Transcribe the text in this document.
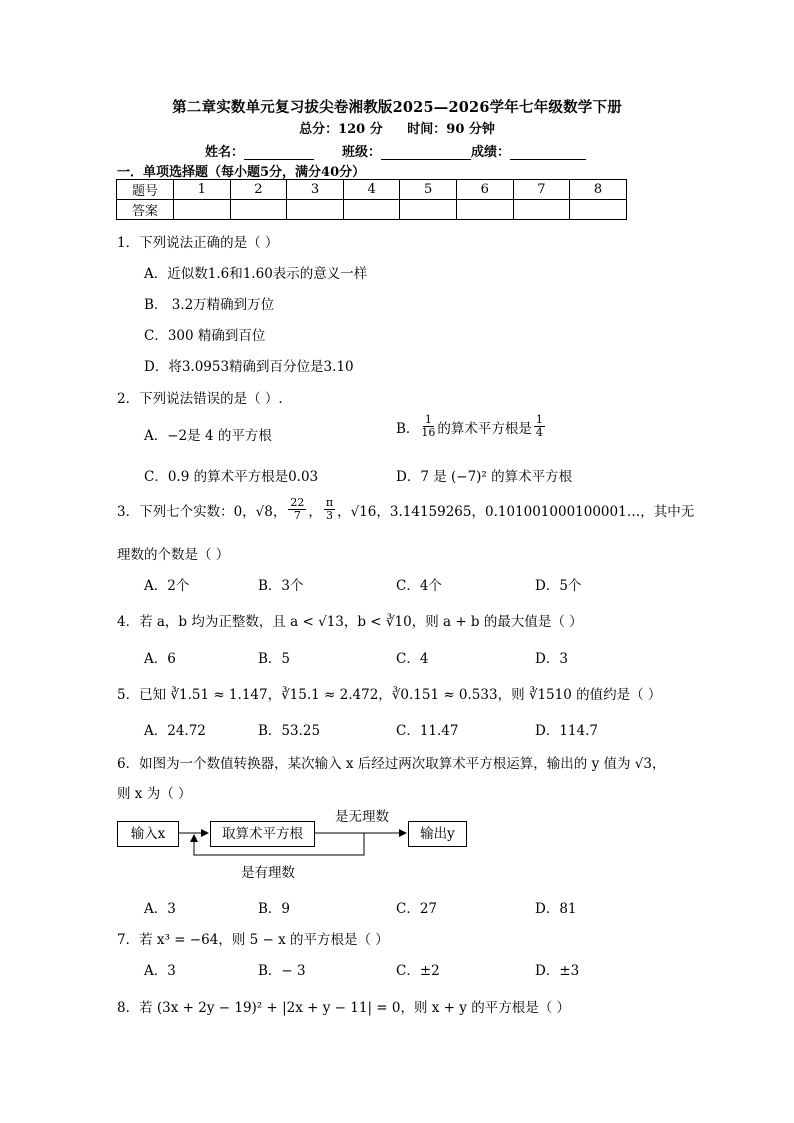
第二章实数单元复习拔尖卷湘教版2025—2026学年七年级数学下册
总分：120 分 时间：90 分钟
姓名：	班级：	成绩：
一．单项选择题（每小题5分，满分40分）
题号	1	2	3	4	5	6	7	8
答案								
1．下列说法正确的是（ ）
A．近似数1.6和1.60表示的意义一样
B． 3.2万精确到万位
C．300 精确到百位
D．将3.0953精确到百分位是3.10
2．下列说法错误的是（ ）.
A．−2是 4 的平方根	B． $\frac{1}{16}$ 的算术平方根是 $\frac{1}{4}$
C．0.9 的算术平方根是0.03	D．7 是 (−7)² 的算术平方根
3．下列七个实数：0，√8， $\frac{22}{7}$ ， $\frac{\pi}{3}$ ，√16，3.14159265，0.101001000100001…，其中无
理数的个数是（ ）
A．2个	B．3个	C．4个	D．5个
4．若 a，b 均为正整数，且 a < √13，b < ∛10，则 a + b 的最大值是（ ）
A．6	B．5	C．4	D．3
5．已知 ∛1.51 ≈ 1.147，∛15.1 ≈ 2.472，∛0.151 ≈ 0.533，则 ∛1510 的值约是（ ）
A．24.72	B．53.25	C．11.47	D．114.7
6．如图为一个数值转换器，某次输入 x 后经过两次取算术平方根运算，输出的 y 值为 √3，
则 x 为（ ）
输入x	取算术平方根	输出y
是无理数
是有理数
A．3	B．9	C．27	D．81
7．若 x³ = −64，则 5 − x 的平方根是（ ）
A．3	B．− 3	C．±2	D．±3
8．若 (3x + 2y − 19)² + |2x + y − 11| = 0，则 x + y 的平方根是（ ）
